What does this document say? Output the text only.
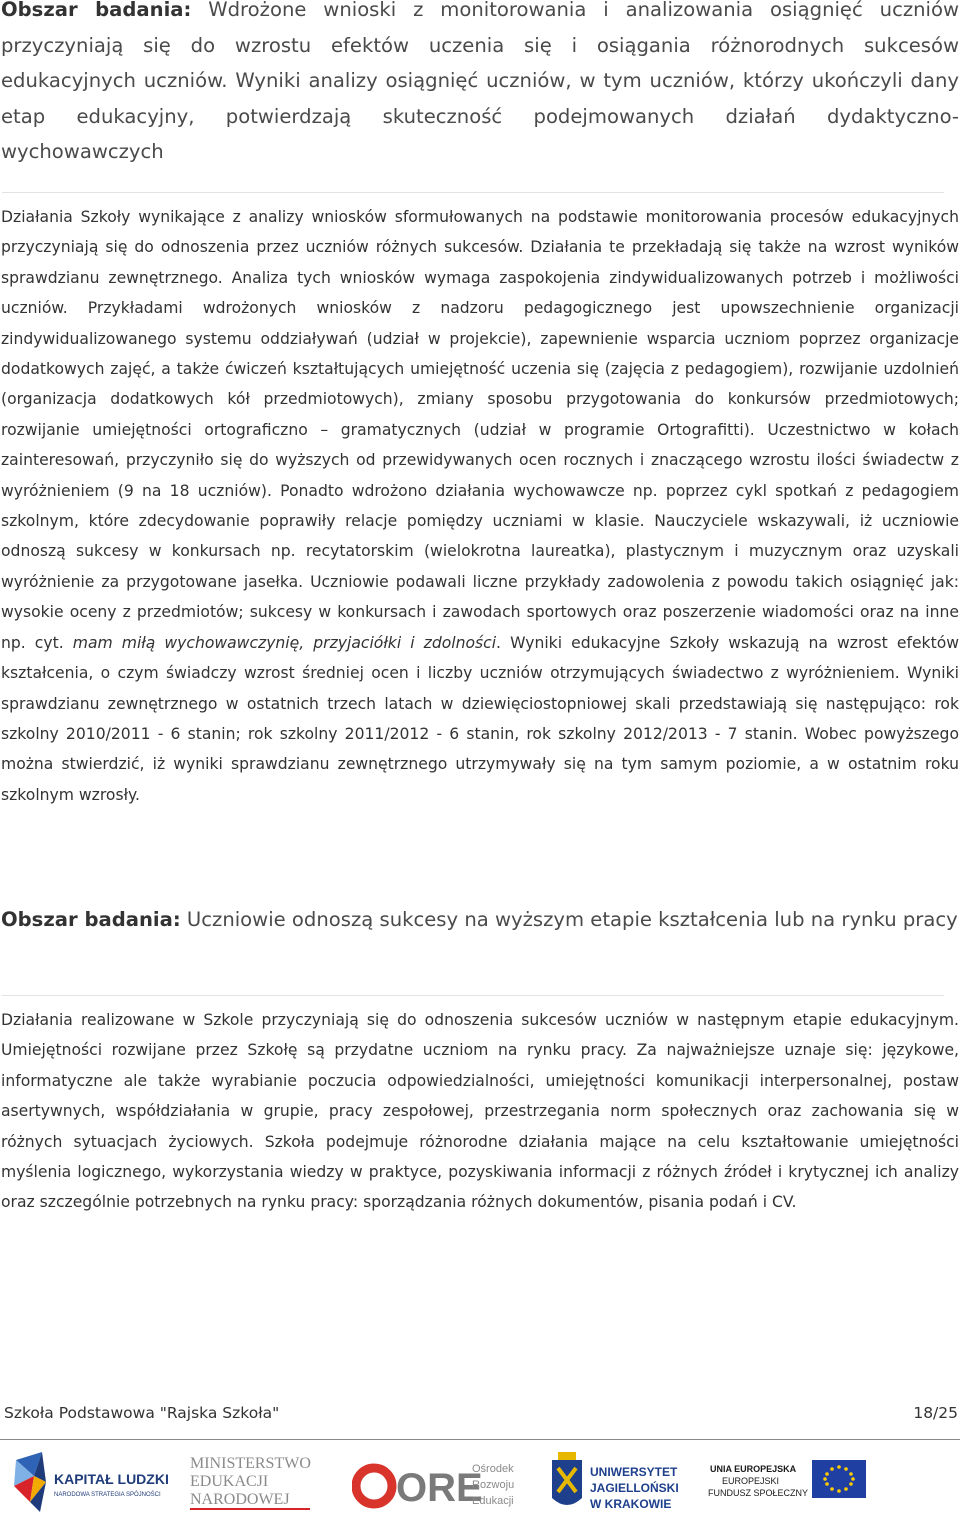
Obszar badania: Wdrożone wnioski z monitorowania i analizowania osiągnięć uczniów przyczyniają się do wzrostu efektów uczenia się i osiągania różnorodnych sukcesów edukacyjnych uczniów. Wyniki analizy osiągnięć uczniów, w tym uczniów, którzy ukończyli dany etap edukacyjny, potwierdzają skuteczność podejmowanych działań dydaktyczno-wychowawczych

Działania Szkoły wynikające z analizy wniosków sformułowanych na podstawie monitorowania procesów edukacyjnych przyczyniają się do odnoszenia przez uczniów różnych sukcesów. Działania te przekładają się także na wzrost wyników sprawdzianu zewnętrznego. Analiza tych wniosków wymaga zaspokojenia zindywidualizowanych potrzeb i możliwości uczniów. Przykładami wdrożonych wniosków z nadzoru pedagogicznego jest upowszechnienie organizacji zindywidualizowanego systemu oddziaływań (udział w projekcie), zapewnienie wsparcia uczniom poprzez organizacje dodatkowych zajęć, a także ćwiczeń kształtujących umiejętność uczenia się (zajęcia z pedagogiem), rozwijanie uzdolnień (organizacja dodatkowych kół przedmiotowych), zmiany sposobu przygotowania do konkursów przedmiotowych; rozwijanie umiejętności ortograficzno – gramatycznych (udział w programie Ortografitti). Uczestnictwo w kołach zainteresowań, przyczyniło się do wyższych od przewidywanych ocen rocznych i znaczącego wzrostu ilości świadectw z wyróżnieniem (9 na 18 uczniów). Ponadto wdrożono działania wychowawcze np. poprzez cykl spotkań z pedagogiem szkolnym, które zdecydowanie poprawiły relacje pomiędzy uczniami w klasie. Nauczyciele wskazywali, iż uczniowie odnoszą sukcesy w konkursach np. recytatorskim (wielokrotna laureatka), plastycznym i muzycznym oraz uzyskali wyróżnienie za przygotowane jasełka. Uczniowie podawali liczne przykłady zadowolenia z powodu takich osiągnięć jak: wysokie oceny z przedmiotów; sukcesy w konkursach i zawodach sportowych oraz poszerzenie wiadomości oraz na inne np. cyt. mam miłą wychowawczynię, przyjaciółki i zdolności. Wyniki edukacyjne Szkoły wskazują na wzrost efektów kształcenia, o czym świadczy wzrost średniej ocen i liczby uczniów otrzymujących świadectwo z wyróżnieniem. Wyniki sprawdzianu zewnętrznego w ostatnich trzech latach w dziewięciostopniowej skali przedstawiają się następująco: rok szkolny 2010/2011 - 6 stanin; rok szkolny 2011/2012 - 6 stanin, rok szkolny 2012/2013 - 7 stanin. Wobec powyższego można stwierdzić, iż wyniki sprawdzianu zewnętrznego utrzymywały się na tym samym poziomie, a w ostatnim roku szkolnym wzrosły.

Obszar badania: Uczniowie odnoszą sukcesy na wyższym etapie kształcenia lub na rynku pracy

Działania realizowane w Szkole przyczyniają się do odnoszenia sukcesów uczniów w następnym etapie edukacyjnym. Umiejętności rozwijane przez Szkołę są przydatne uczniom na rynku pracy. Za najważniejsze uznaje się: językowe, informatyczne ale także wyrabianie poczucia odpowiedzialności, umiejętności komunikacji interpersonalnej, postaw asertywnych, współdziałania w grupie, pracy zespołowej, przestrzegania norm społecznych oraz zachowania się w różnych sytuacjach życiowych. Szkoła podejmuje różnorodne działania mające na celu kształtowanie umiejętności myślenia logicznego, wykorzystania wiedzy w praktyce, pozyskiwania informacji z różnych źródeł i krytycznej ich analizy oraz szczególnie potrzebnych na rynku pracy: sporządzania różnych dokumentów, pisania podań i CV.

Szkoła Podstawowa "Rajska Szkoła"	18/25
KAPITAŁ LUDZKI
NARODOWA STRATEGIA SPÓJNOŚCI
MINISTERSTWO
EDUKACJI
NARODOWEJ	ORE
Ośrodek
Rozwoju
Edukacji
UNIWERSYTET
JAGIELLOŃSKI
W KRAKOWIE
UNIA EUROPEJSKA
EUROPEJSKI
FUNDUSZ SPOŁECZNY
